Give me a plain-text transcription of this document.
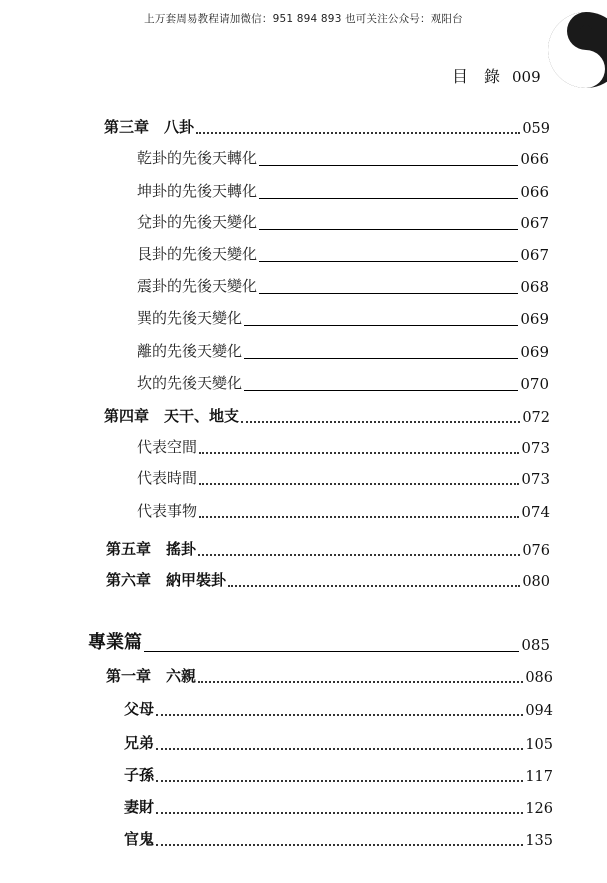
上万套周易教程请加微信：951 894 893 也可关注公众号：观阳台
目　錄 009
第三章　八卦	059
乾卦的先後天轉化	066
坤卦的先後天轉化	066
兌卦的先後天變化	067
艮卦的先後天變化	067
震卦的先後天變化	068
巽的先後天變化	069
離的先後天變化	069
坎的先後天變化	070
第四章　天干、地支	072
代表空間	073
代表時間	073
代表事物	074
第五章　搖卦	076
第六章　納甲裝卦	080
專業篇	085
第一章　六親	086
父母	094
兄弟	105
子孫	117
妻財	126
官鬼	135
